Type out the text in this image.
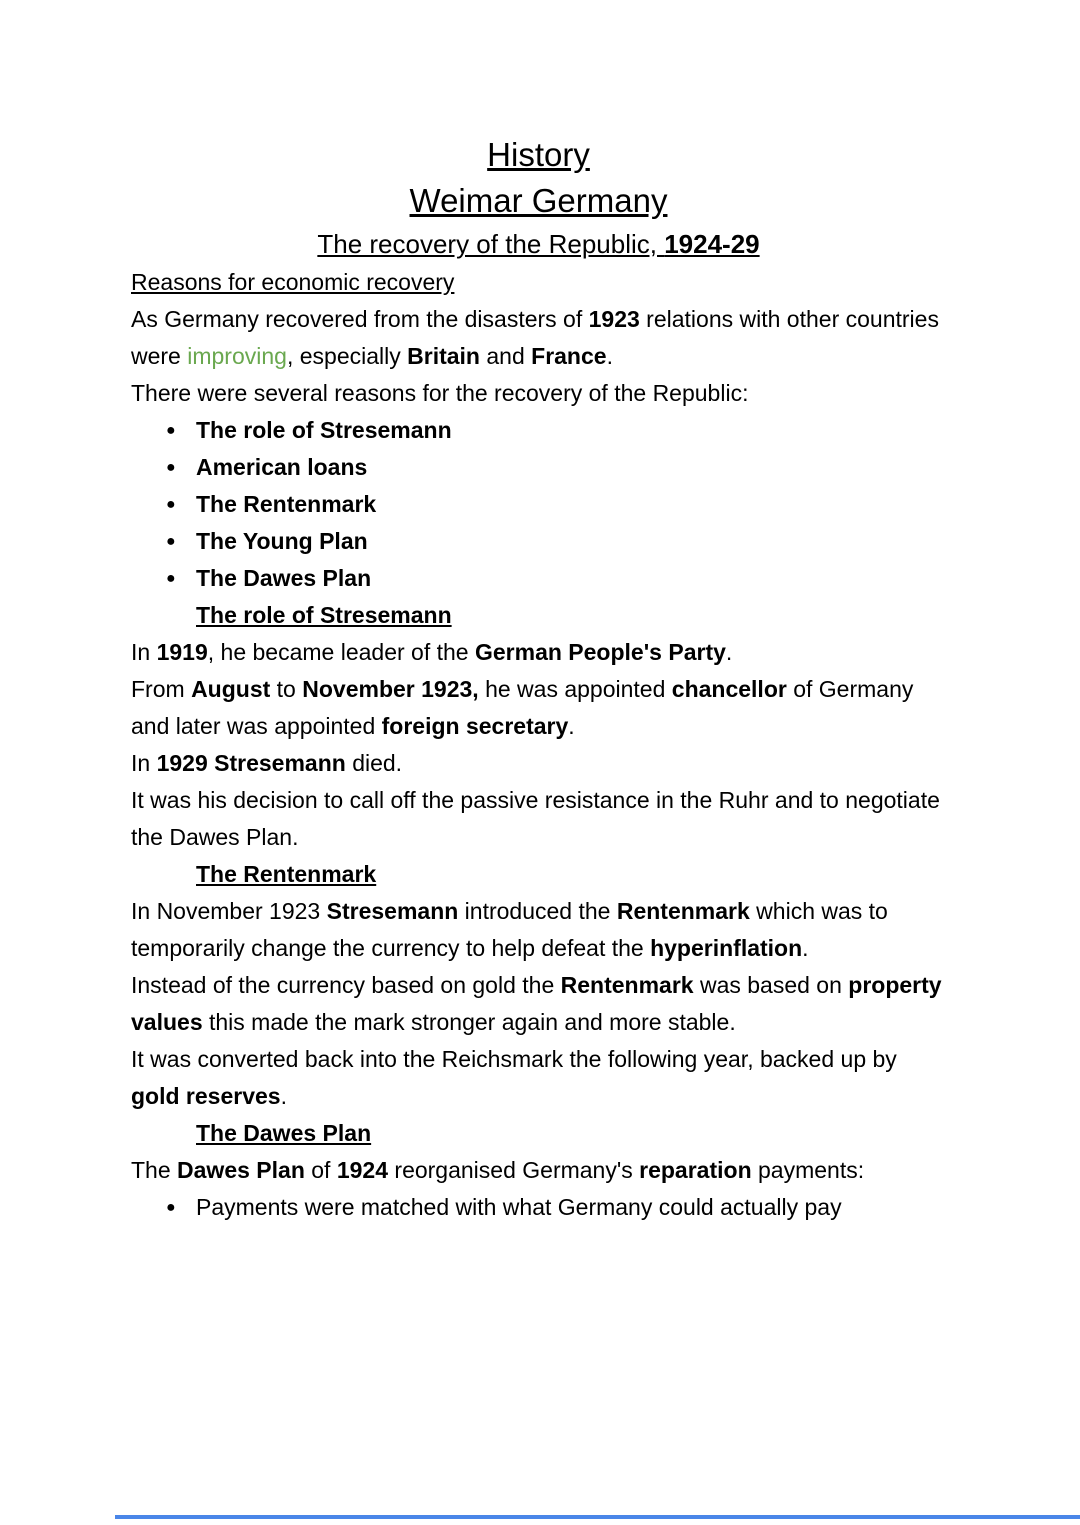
History
Weimar Germany
The recovery of the Republic, 1924-29
Reasons for economic recovery
As Germany recovered from the disasters of 1923 relations with other countries were improving, especially Britain and France.
There were several reasons for the recovery of the Republic:
● The role of Stresemann
● American loans
● The Rentenmark
● The Young Plan
● The Dawes Plan
The role of Stresemann
In 1919, he became leader of the German People's Party.
From August to November 1923, he was appointed chancellor of Germany and later was appointed foreign secretary.
In 1929 Stresemann died.
It was his decision to call off the passive resistance in the Ruhr and to negotiate the Dawes Plan.
The Rentenmark
In November 1923 Stresemann introduced the Rentenmark which was to temporarily change the currency to help defeat the hyperinflation.
Instead of the currency based on gold the Rentenmark was based on property values this made the mark stronger again and more stable.
It was converted back into the Reichsmark the following year, backed up by gold reserves.
The Dawes Plan
The Dawes Plan of 1924 reorganised Germany's reparation payments:
● Payments were matched with what Germany could actually pay
